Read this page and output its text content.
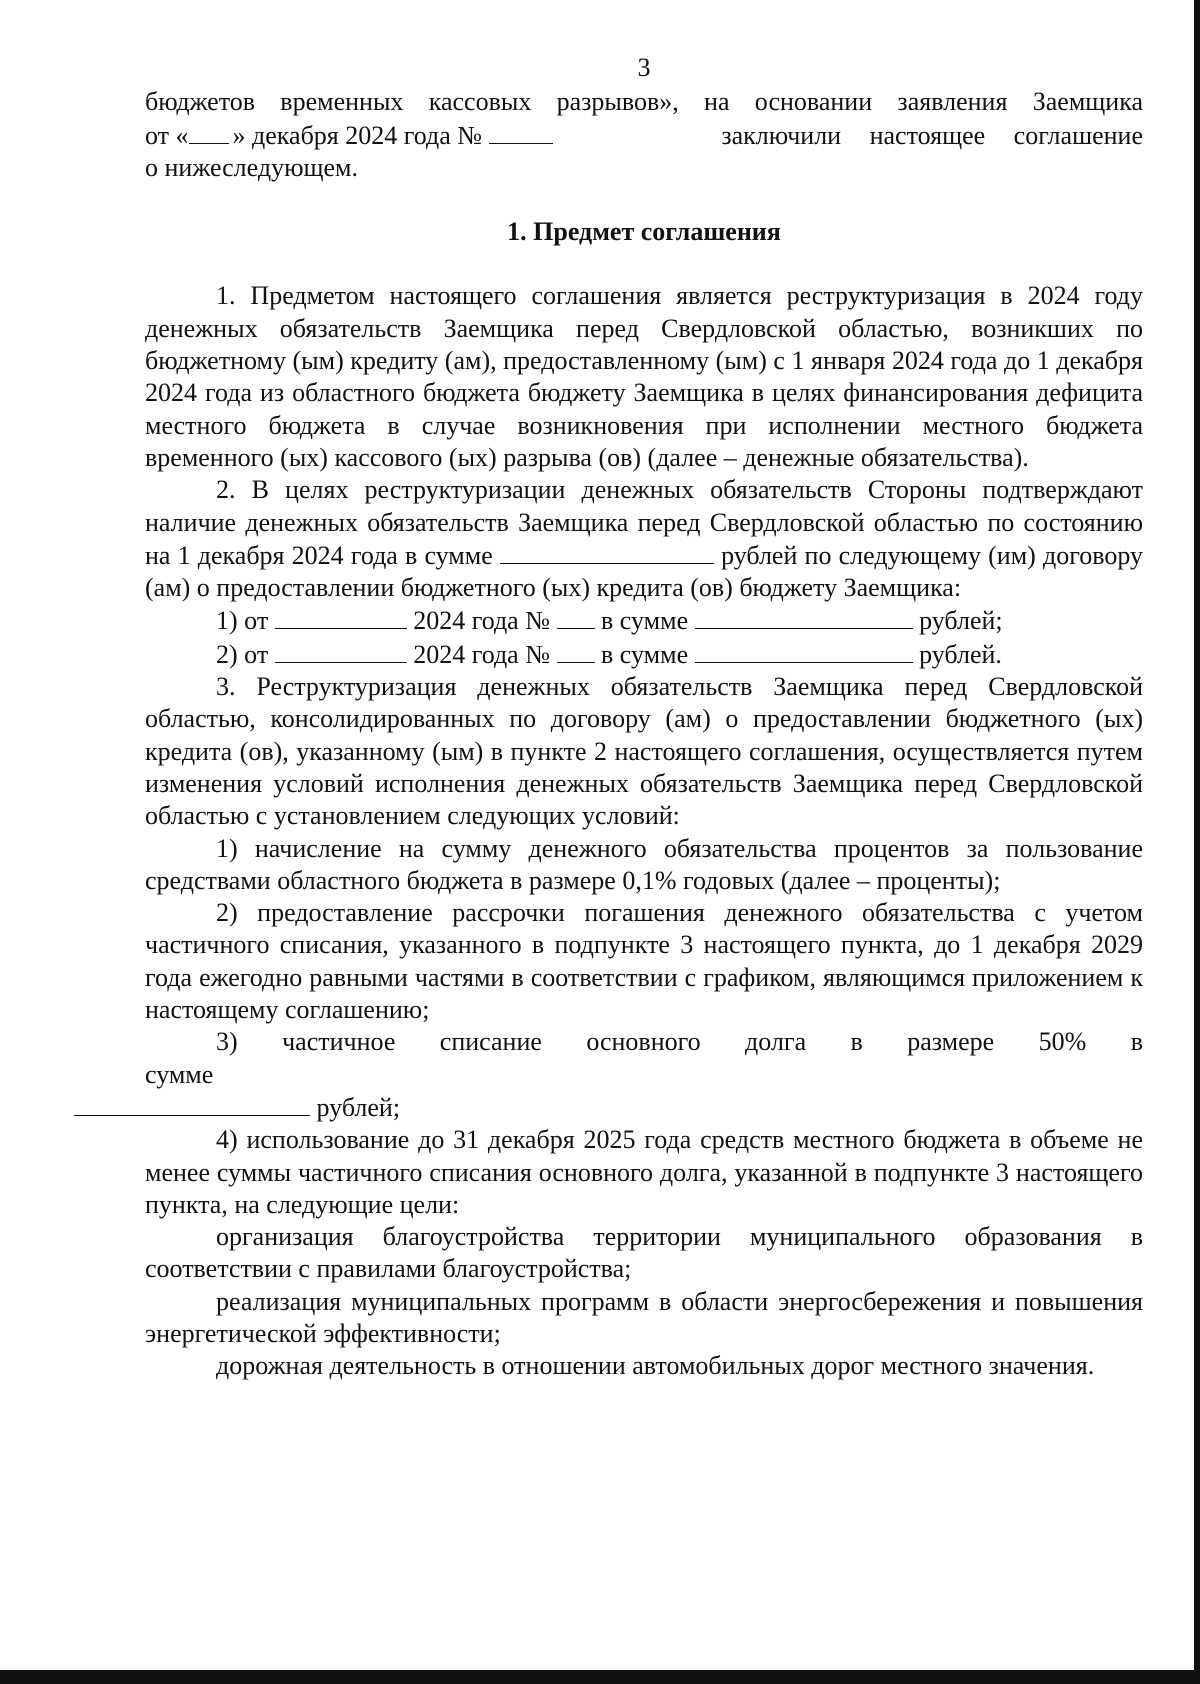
3

бюджетов временных кассовых разрывов», на основании заявления Заемщика

от « » декабря 2024 года №	заключили настоящее соглашение

о нижеследующем.

1. Предмет соглашения

1. Предметом настоящего соглашения является реструктуризация в 2024 году денежных обязательств Заемщика перед Свердловской областью, возникших по бюджетному (ым) кредиту (ам), предоставленному (ым) с 1 января 2024 года до 1 декабря 2024 года из областного бюджета бюджету Заемщика в целях финансирования дефицита местного бюджета в случае возникновения при исполнении местного бюджета временного (ых) кассового (ых) разрыва (ов) (далее – денежные обязательства).

2. В целях реструктуризации денежных обязательств Стороны подтверждают наличие денежных обязательств Заемщика перед Свердловской областью по состоянию на 1 декабря 2024 года в сумме	рублей по следующему (им) договору (ам) о предоставлении бюджетного (ых) кредита (ов) бюджету Заемщика:

1) от	2024 года № в сумме	рублей;
2) от	2024 года № в сумме	рублей.

3. Реструктуризация денежных обязательств Заемщика перед Свердловской областью, консолидированных по договору (ам) о предоставлении бюджетного (ых) кредита (ов), указанному (ым) в пункте 2 настоящего соглашения, осуществляется путем изменения условий исполнения денежных обязательств Заемщика перед Свердловской областью с установлением следующих условий:

1) начисление на сумму денежного обязательства процентов за пользование средствами областного бюджета в размере 0,1% годовых (далее – проценты);

2) предоставление рассрочки погашения денежного обязательства с учетом частичного списания, указанного в подпункте 3 настоящего пункта, до 1 декабря 2029 года ежегодно равными частями в соответствии с графиком, являющимся приложением к настоящему соглашению;

3) частичное списание основного долга в размере 50% в сумме
рублей;

4) использование до 31 декабря 2025 года средств местного бюджета в объеме не менее суммы частичного списания основного долга, указанной в подпункте 3 настоящего пункта, на следующие цели:

организация благоустройства территории муниципального образования в соответствии с правилами благоустройства;

реализация муниципальных программ в области энергосбережения и повышения энергетической эффективности;

дорожная деятельность в отношении автомобильных дорог местного значения.
